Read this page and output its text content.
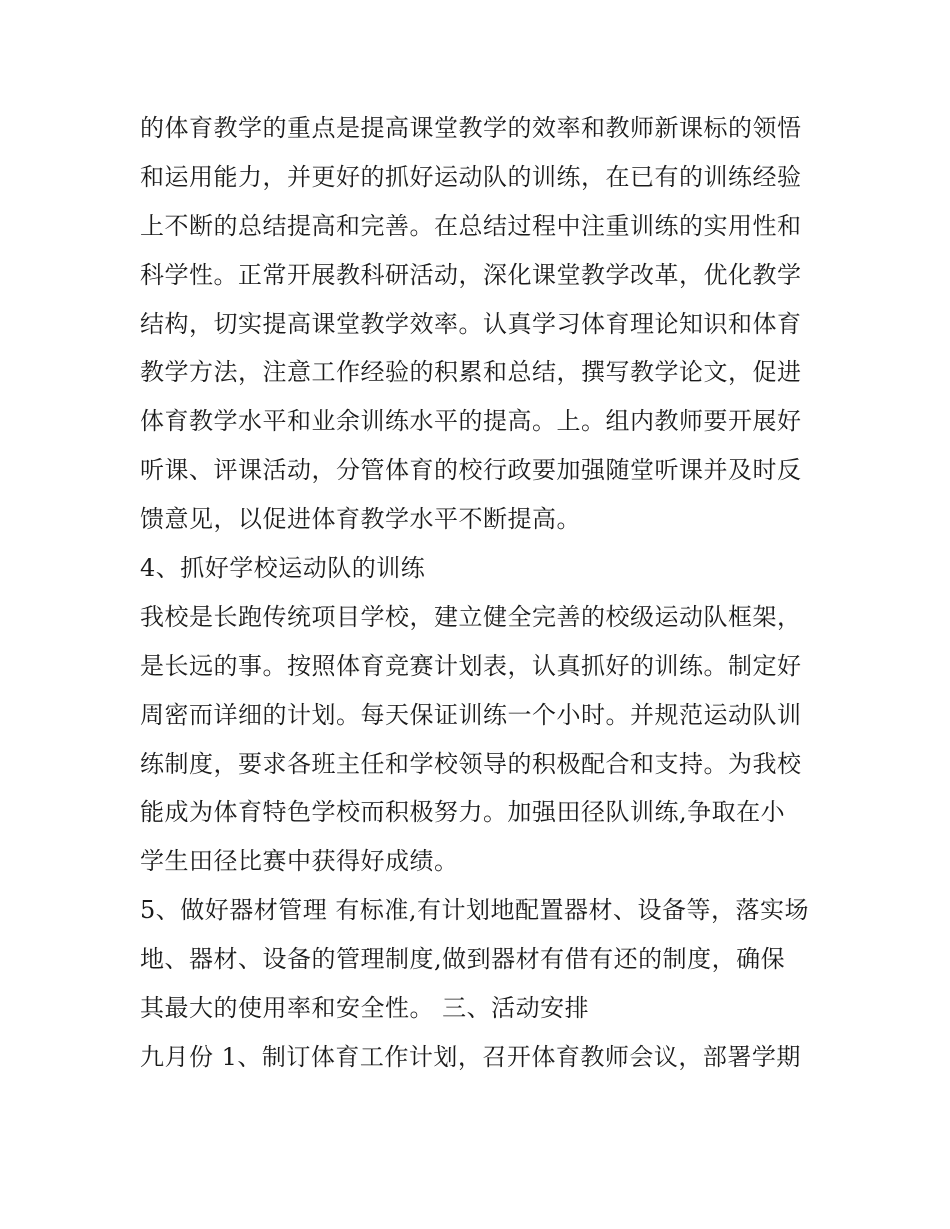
的体育教学的重点是提高课堂教学的效率和教师新课标的领悟
和运用能力，并更好的抓好运动队的训练，在已有的训练经验
上不断的总结提高和完善。在总结过程中注重训练的实用性和
科学性。正常开展教科研活动，深化课堂教学改革，优化教学
结构，切实提高课堂教学效率。认真学习体育理论知识和体育
教学方法，注意工作经验的积累和总结，撰写教学论文，促进
体育教学水平和业余训练水平的提高。上。组内教师要开展好
听课、评课活动，分管体育的校行政要加强随堂听课并及时反
馈意见，以促进体育教学水平不断提高。
4、抓好学校运动队的训练
我校是长跑传统项目学校，建立健全完善的校级运动队框架，
是长远的事。按照体育竞赛计划表，认真抓好的训练。制定好
周密而详细的计划。每天保证训练一个小时。并规范运动队训
练制度，要求各班主任和学校领导的积极配合和支持。为我校
能成为体育特色学校而积极努力。加强田径队训练,争取在小
学生田径比赛中获得好成绩。
5、做好器材管理 有标准,有计划地配置器材、设备等，落实场
地、器材、设备的管理制度,做到器材有借有还的制度，确保
其最大的使用率和安全性。 三、活动安排
九月份 1、制订体育工作计划，召开体育教师会议，部署学期
